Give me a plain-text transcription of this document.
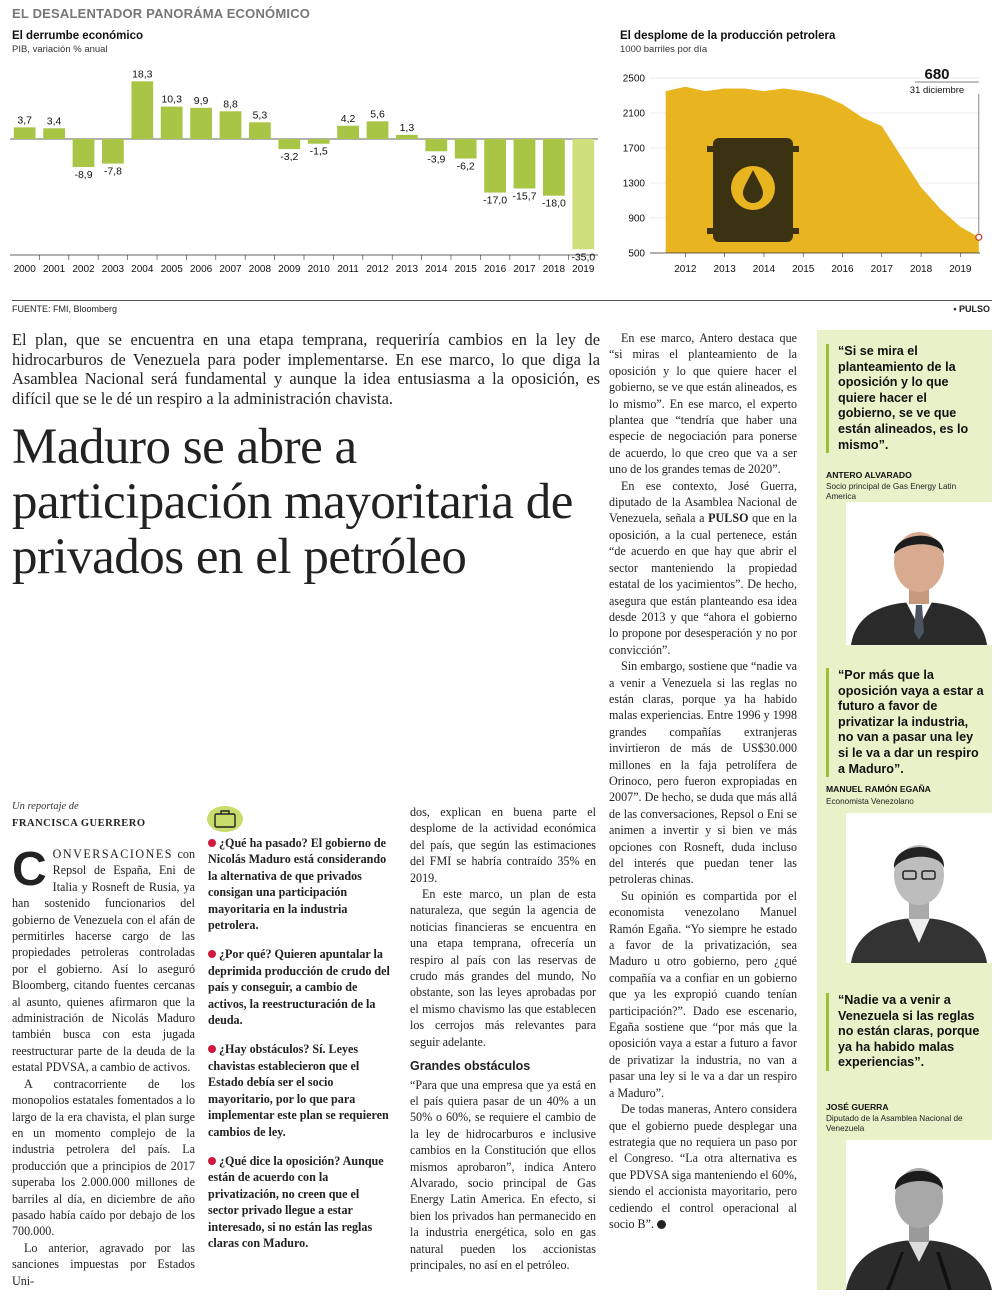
EL DESALENTADOR PANORÁMA ECONÓMICO
El derrumbe económico
PIB, variación % anual
3,7
2000
3,4
2001
-8,9
2002
-7,8
2003
18,3
2004
10,3
2005
9,9
2006
8,8
2007
5,3
2008
-3,2
2009
-1,5
2010
4,2
2011
5,6
2012
1,3
2013
-3,9
2014
-6,2
2015
-17,0
2016
-15,7
2017
-18,0
2018
-35,0
2019
El desplome de la producción petrolera
1000 barriles por día
2500
2100
1700
1300
900
500
2012 2013 2014 2015 2016 2017 2018 2019
680
31 diciembre
FUENTE: FMI, Bloomberg	• PULSO
El plan, que se encuentra en una etapa temprana, requeriría cambios en la ley de hidrocarburos de Venezuela para poder implementarse. En ese marco, lo que diga la Asamblea Nacional será fundamental y aunque la idea entusiasma a la oposición, es difícil que se le dé un respiro a la administración chavista.
Maduro se abre a participación mayoritaria de privados en el petróleo
Un reportaje de
FRANCISCA GUERRERO

CONVERSACIONES con Repsol de España, Eni de Italia y Rosneft de Rusia, ya han sostenido funcionarios del gobierno de Venezuela con el afán de permitirles hacerse cargo de las propiedades petroleras controladas por el gobierno. Así lo aseguró Bloomberg, citando fuentes cercanas al asunto, quienes afirmaron que la administración de Nicolás Maduro también busca con esta jugada reestructurar parte de la deuda de la estatal PDVSA, a cambio de activos.

A contracorriente de los monopolios estatales fomentados a lo largo de la era chavista, el plan surge en un momento complejo de la industria petrolera del país. La producción que a principios de 2017 superaba los 2.000.000 millones de barriles al día, en diciembre de año pasado había caído por debajo de los 700.000.

Lo anterior, agravado por las sanciones impuestas por Estados Uni-

¿Qué ha pasado? El gobierno de Nicolás Maduro está considerando la alternativa de que privados consigan una participación mayoritaria en la industria petrolera.
¿Por qué? Quieren apuntalar la deprimida producción de crudo del país y conseguir, a cambio de activos, la reestructuración de la deuda.
¿Hay obstáculos? Sí. Leyes chavistas establecieron que el Estado debía ser el socio mayoritario, por lo que para implementar este plan se requieren cambios de ley.
¿Qué dice la oposición? Aunque están de acuerdo con la privatización, no creen que el sector privado llegue a estar interesado, si no están las reglas claras con Maduro.

dos, explican en buena parte el desplome de la actividad económica del país, que según las estimaciones del FMI se habría contraído 35% en 2019.

En este marco, un plan de esta naturaleza, que según la agencia de noticias financieras se encuentra en una etapa temprana, ofrecería un respiro al país con las reservas de crudo más grandes del mundo, No obstante, son las leyes aprobadas por el mismo chavismo las que establecen los cerrojos más relevantes para seguir adelante.

Grandes obstáculos

“Para que una empresa que ya está en el país quiera pasar de un 40% a un 50% o 60%, se requiere el cambio de la ley de hidrocarburos e inclusive cambios en la Constitución que ellos mismos aprobaron”, indica Antero Alvarado, socio principal de Gas Energy Latin America. En efecto, si bien los privados han permanecido en la industria energética, solo en gas natural pueden los accionistas principales, no así en el petróleo.

En ese marco, Antero destaca que “si miras el planteamiento de la oposición y lo que quiere hacer el gobierno, se ve que están alineados, es lo mismo”. En ese marco, el experto plantea que “tendría que haber una especie de negociación para ponerse de acuerdo, lo que creo que va a ser uno de los grandes temas de 2020”.

En ese contexto, José Guerra, diputado de la Asamblea Nacional de Venezuela, señala a PULSO que en la oposición, a la cual pertenece, están “de acuerdo en que hay que abrir el sector manteniendo la propiedad estatal de los yacimientos”. De hecho, asegura que están planteando esa idea desde 2013 y que “ahora el gobierno lo propone por desesperación y no por convicción”.

Sin embargo, sostiene que “nadie va a venir a Venezuela si las reglas no están claras, porque ya ha habido malas experiencias. Entre 1996 y 1998 grandes compañías extranjeras invirtieron de más de US$30.000 millones en la faja petrolífera de Orinoco, pero fueron expropiadas en 2007”. De hecho, se duda que más allá de las conversaciones, Repsol o Eni se animen a invertir y si bien ve más opciones con Rosneft, duda incluso del interés que puedan tener las petroleras chinas.

Su opinión es compartida por el economista venezolano Manuel Ramón Egaña. “Yo siempre he estado a favor de la privatización, sea Maduro u otro gobierno, pero ¿qué compañía va a confiar en un gobierno que ya les expropió cuando tenían participación?”. Dado ese escenario, Egaña sostiene que “por más que la oposición vaya a estar a futuro a favor de privatizar la industria, no van a pasar una ley si le va a dar un respiro a Maduro”.

De todas maneras, Antero considera que el gobierno puede desplegar una estrategia que no requiera un paso por el Congreso. “La otra alternativa es que PDVSA siga manteniendo el 60%, siendo el accionista mayoritario, pero cediendo el control operacional al socio B”.

“Si se mira el planteamiento de la oposición y lo que quiere hacer el gobierno, se ve que están alineados, es lo mismo”.
ANTERO ALVARADO
Socio principal de Gas Energy Latin America
“Por más que la oposición vaya a estar a futuro a favor de privatizar la industria, no van a pasar una ley si le va a dar un respiro a Maduro”.
MANUEL RAMÓN EGAÑA
Economista Venezolano
“Nadie va a venir a Venezuela si las reglas no están claras, porque ya ha habido malas experiencias”.
JOSÉ GUERRA
Diputado de la Asamblea Nacional de Venezuela
